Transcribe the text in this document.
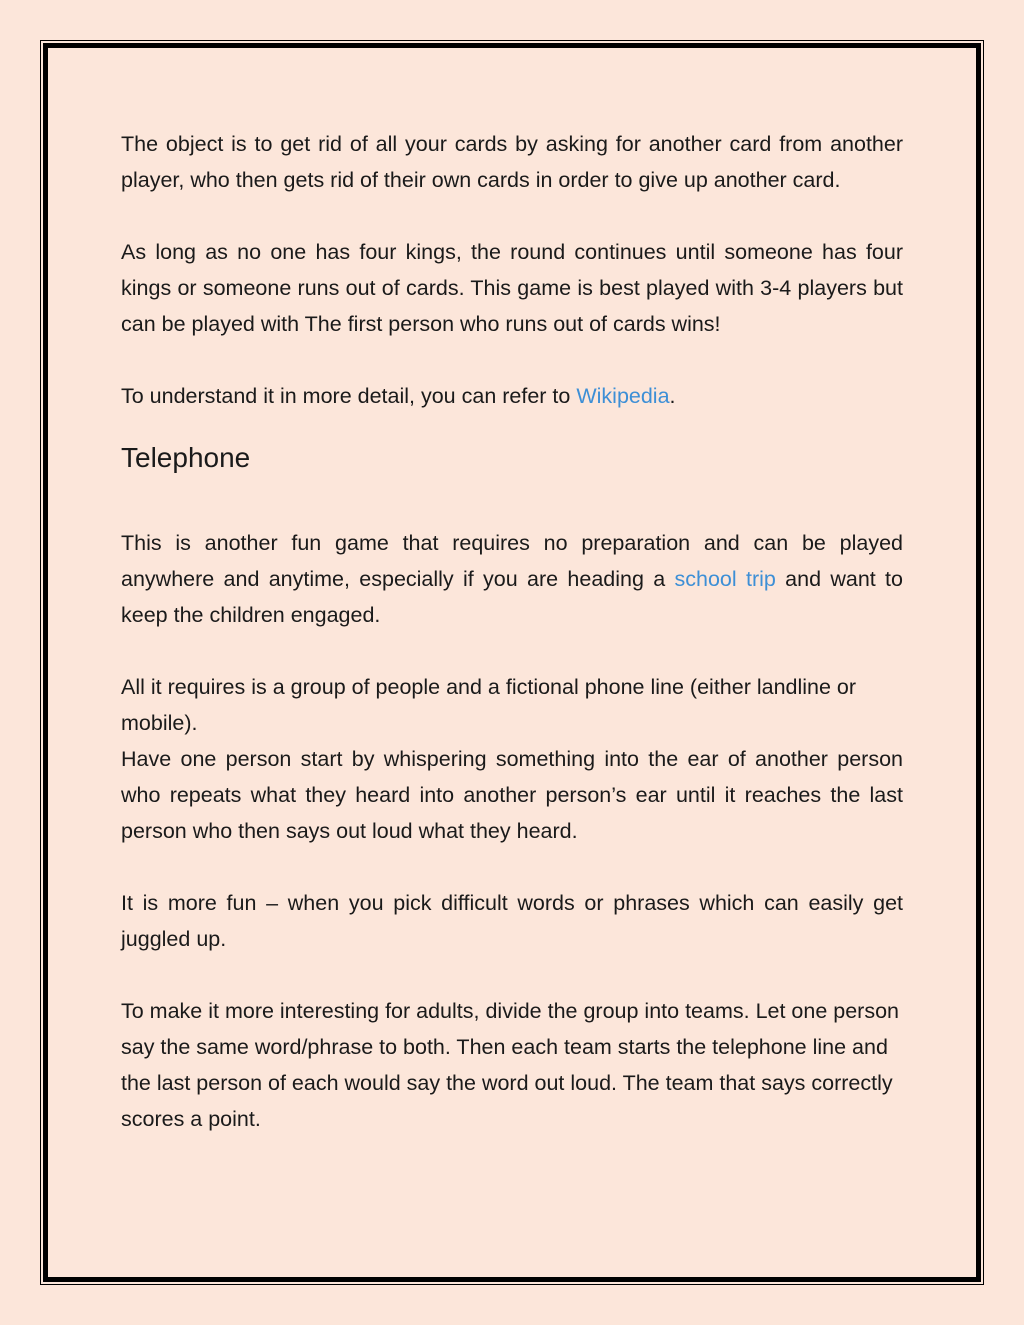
The object is to get rid of all your cards by asking for another card from another player, who then gets rid of their own cards in order to give up another card.

As long as no one has four kings, the round continues until someone has four kings or someone runs out of cards. This game is best played with 3-4 players but can be played with The first person who runs out of cards wins!

To understand it in more detail, you can refer to Wikipedia.

Telephone

This is another fun game that requires no preparation and can be played anywhere and anytime, especially if you are heading a school trip and want to keep the children engaged.

All it requires is a group of people and a fictional phone line (either landline or mobile).

Have one person start by whispering something into the ear of another person who repeats what they heard into another person’s ear until it reaches the last person who then says out loud what they heard.

It is more fun – when you pick difficult words or phrases which can easily get juggled up.

To make it more interesting for adults, divide the group into teams. Let one person say the same word/phrase to both. Then each team starts the telephone line and the last person of each would say the word out loud. The team that says correctly scores a point.
